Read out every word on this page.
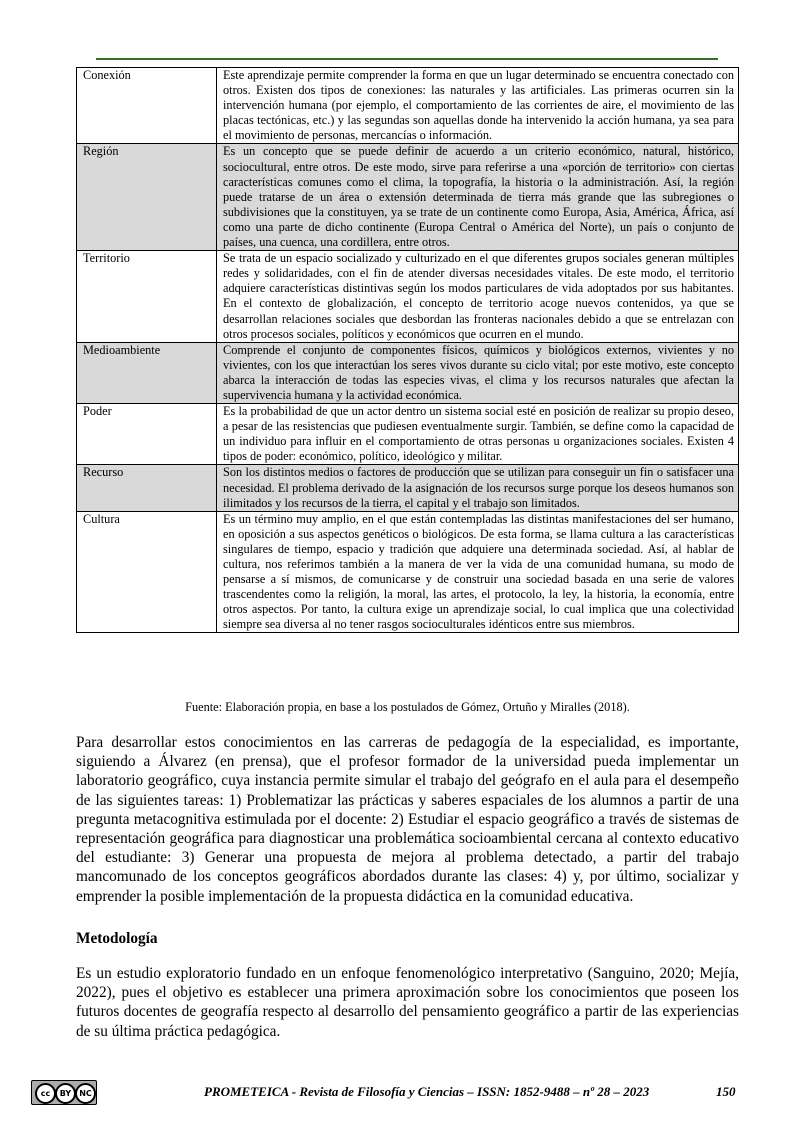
Conexión	Este aprendizaje permite comprender la forma en que un lugar determinado se encuentra conectado con otros. Existen dos tipos de conexiones: las naturales y las artificiales. Las primeras ocurren sin la intervención humana (por ejemplo, el comportamiento de las corrientes de aire, el movimiento de las placas tectónicas, etc.) y las segundas son aquellas donde ha intervenido la acción humana, ya sea para el movimiento de personas, mercancías o información.
Región	Es un concepto que se puede definir de acuerdo a un criterio económico, natural, histórico, sociocultural, entre otros. De este modo, sirve para referirse a una «porción de territorio» con ciertas características comunes como el clima, la topografía, la historia o la administración. Así, la región puede tratarse de un área o extensión determinada de tierra más grande que las subregiones o subdivisiones que la constituyen, ya se trate de un continente como Europa, Asia, América, África, así como una parte de dicho continente (Europa Central o América del Norte), un país o conjunto de países, una cuenca, una cordillera, entre otros.
Territorio	Se trata de un espacio socializado y culturizado en el que diferentes grupos sociales generan múltiples redes y solidaridades, con el fin de atender diversas necesidades vitales. De este modo, el territorio adquiere características distintivas según los modos particulares de vida adoptados por sus habitantes. En el contexto de globalización, el concepto de territorio acoge nuevos contenidos, ya que se desarrollan relaciones sociales que desbordan las fronteras nacionales debido a que se entrelazan con otros procesos sociales, políticos y económicos que ocurren en el mundo.
Medioambiente	Comprende el conjunto de componentes físicos, químicos y biológicos externos, vivientes y no vivientes, con los que interactúan los seres vivos durante su ciclo vital; por este motivo, este concepto abarca la interacción de todas las especies vivas, el clima y los recursos naturales que afectan la supervivencia humana y la actividad económica.
Poder	Es la probabilidad de que un actor dentro un sistema social esté en posición de realizar su propio deseo, a pesar de las resistencias que pudiesen eventualmente surgir. También, se define como la capacidad de un individuo para influir en el comportamiento de otras personas u organizaciones sociales. Existen 4 tipos de poder: económico, político, ideológico y militar.
Recurso	Son los distintos medios o factores de producción que se utilizan para conseguir un fin o satisfacer una necesidad. El problema derivado de la asignación de los recursos surge porque los deseos humanos son ilimitados y los recursos de la tierra, el capital y el trabajo son limitados.
Cultura	Es un término muy amplio, en el que están contempladas las distintas manifestaciones del ser humano, en oposición a sus aspectos genéticos o biológicos. De esta forma, se llama cultura a las características singulares de tiempo, espacio y tradición que adquiere una determinada sociedad. Así, al hablar de cultura, nos referimos también a la manera de ver la vida de una comunidad humana, su modo de pensarse a sí mismos, de comunicarse y de construir una sociedad basada en una serie de valores trascendentes como la religión, la moral, las artes, el protocolo, la ley, la historia, la economía, entre otros aspectos. Por tanto, la cultura exige un aprendizaje social, lo cual implica que una colectividad siempre sea diversa al no tener rasgos socioculturales idénticos entre sus miembros.
Fuente: Elaboración propia, en base a los postulados de Gómez, Ortuño y Miralles (2018).

Para desarrollar estos conocimientos en las carreras de pedagogía de la especialidad, es importante, siguiendo a Álvarez (en prensa), que el profesor formador de la universidad pueda implementar un laboratorio geográfico, cuya instancia permite simular el trabajo del geógrafo en el aula para el desempeño de las siguientes tareas: 1) Problematizar las prácticas y saberes espaciales de los alumnos a partir de una pregunta metacognitiva estimulada por el docente: 2) Estudiar el espacio geográfico a través de sistemas de representación geográfica para diagnosticar una problemática socioambiental cercana al contexto educativo del estudiante: 3) Generar una propuesta de mejora al problema detectado, a partir del trabajo mancomunado de los conceptos geográficos abordados durante las clases: 4) y, por último, socializar y emprender la posible implementación de la propuesta didáctica en la comunidad educativa.

Metodología

Es un estudio exploratorio fundado en un enfoque fenomenológico interpretativo (Sanguino, 2020; Mejía, 2022), pues el objetivo es establecer una primera aproximación sobre los conocimientos que poseen los futuros docentes de geografía respecto al desarrollo del pensamiento geográfico a partir de las experiencias de su última práctica pedagógica.

cc	BY NC	PROMETEICA - Revista de Filosofía y Ciencias – ISSN: 1852-9488 – nº 28 – 2023	150
